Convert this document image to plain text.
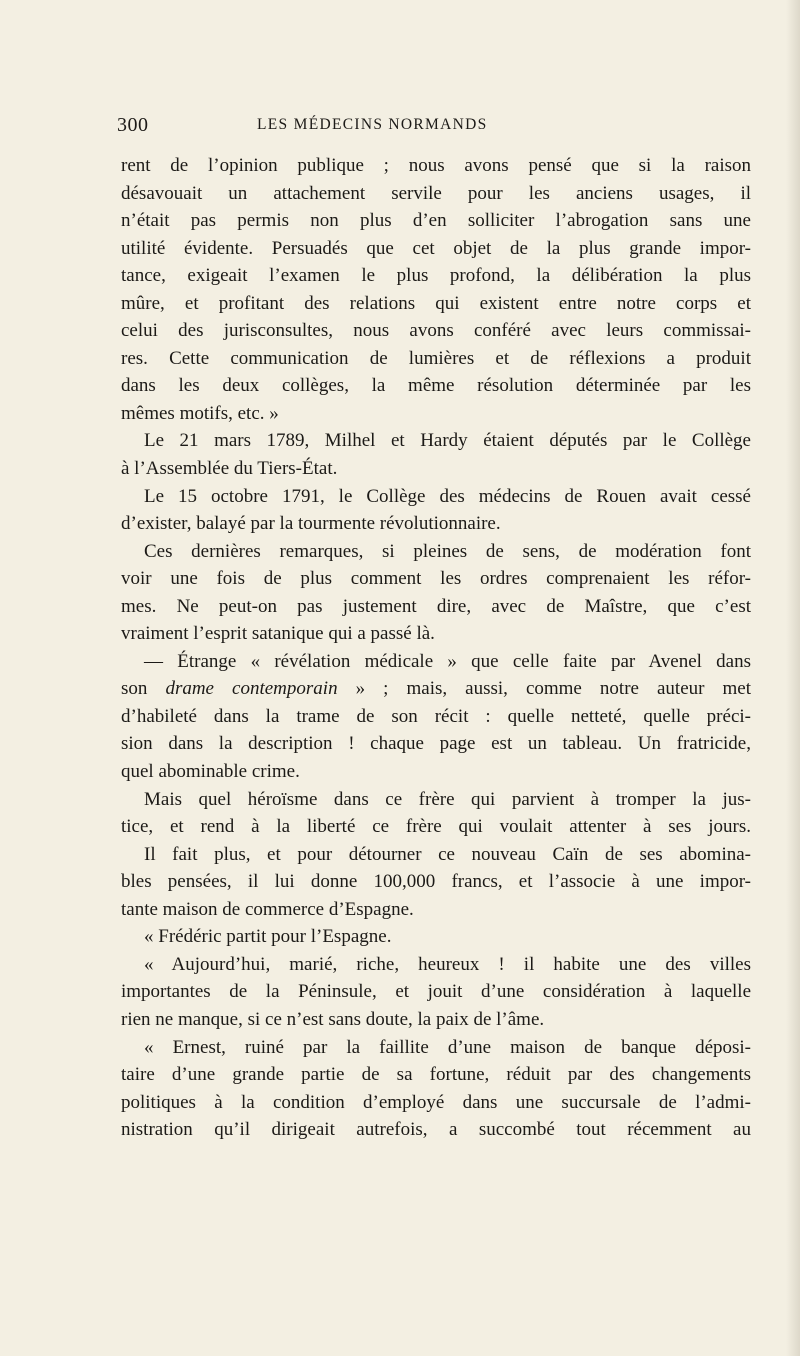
300	LES MÉDECINS NORMANDS
rent de l’opinion publique ; nous avons pensé que si la raison
désavouait un attachement servile pour les anciens usages, il
n’était pas permis non plus d’en solliciter l’abrogation sans une
utilité évidente. Persuadés que cet objet de la plus grande impor-
tance, exigeait l’examen le plus profond, la délibération la plus
mûre, et profitant des relations qui existent entre notre corps et
celui des jurisconsultes, nous avons conféré avec leurs commissai-
res. Cette communication de lumières et de réflexions a produit
dans les deux collèges, la même résolution déterminée par les
mêmes motifs, etc. »
Le 21 mars 1789, Milhel et Hardy étaient députés par le Collège
à l’Assemblée du Tiers-État.
Le 15 octobre 1791, le Collège des médecins de Rouen avait cessé
d’exister, balayé par la tourmente révolutionnaire.
Ces dernières remarques, si pleines de sens, de modération font
voir une fois de plus comment les ordres comprenaient les réfor-
mes. Ne peut-on pas justement dire, avec de Maîstre, que c’est
vraiment l’esprit satanique qui a passé là.
— Étrange « révélation médicale » que celle faite par Avenel dans
son drame contemporain » ; mais, aussi, comme notre auteur met
d’habileté dans la trame de son récit : quelle netteté, quelle préci-
sion dans la description ! chaque page est un tableau. Un fratricide,
quel abominable crime.
Mais quel héroïsme dans ce frère qui parvient à tromper la jus-
tice, et rend à la liberté ce frère qui voulait attenter à ses jours.
Il fait plus, et pour détourner ce nouveau Caïn de ses abomina-
bles pensées, il lui donne 100,000 francs, et l’associe à une impor-
tante maison de commerce d’Espagne.
« Frédéric partit pour l’Espagne.
« Aujourd’hui, marié, riche, heureux ! il habite une des villes
importantes de la Péninsule, et jouit d’une considération à laquelle
rien ne manque, si ce n’est sans doute, la paix de l’âme.
« Ernest, ruiné par la faillite d’une maison de banque déposi-
taire d’une grande partie de sa fortune, réduit par des changements
politiques à la condition d’employé dans une succursale de l’admi-
nistration qu’il dirigeait autrefois, a succombé tout récemment au
